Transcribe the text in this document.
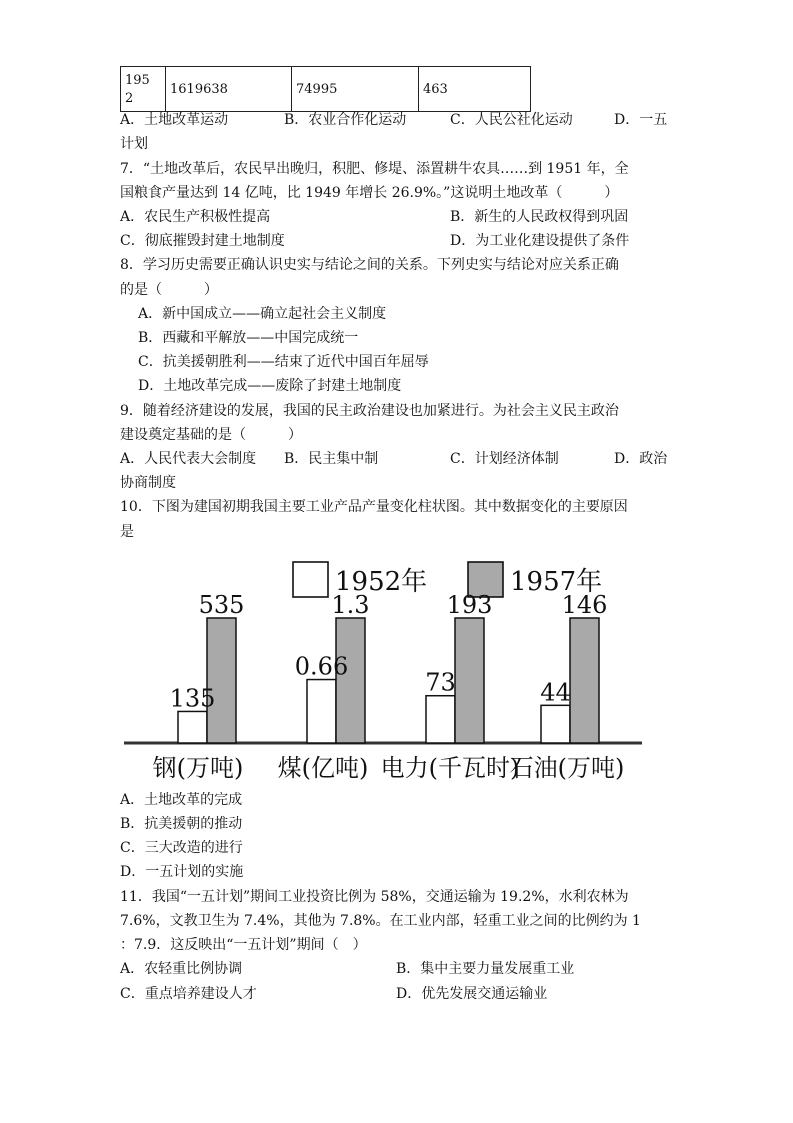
195
2	1619638	74995	463
A．土地改革运动	B．农业合作化运动	C．人民公社化运动	D．一五
计划
7．“土地改革后，农民早出晚归，积肥、修堤、添置耕牛农具……到 1951 年，全
国粮食产量达到 14 亿吨，比 1949 年增长 26.9%。”这说明土地改革（　　　）
A．农民生产积极性提高	B．新生的人民政权得到巩固
C．彻底摧毁封建土地制度	D．为工业化建设提供了条件
8．学习历史需要正确认识史实与结论之间的关系。下列史实与结论对应关系正确
的是（　　　）
A．新中国成立——确立起社会主义制度
B．西藏和平解放——中国完成统一
C．抗美援朝胜利——结束了近代中国百年屈辱
D．土地改革完成——废除了封建土地制度
9．随着经济建设的发展，我国的民主政治建设也加紧进行。为社会主义民主政治
建设奠定基础的是（　　　）
A．人民代表大会制度 B．民主集中制	C．计划经济体制	D．政治
协商制度
10．下图为建国初期我国主要工业产品产量变化柱状图。其中数据变化的主要原因
是
1952年	1957年
135
535
钢(万吨)
0.66
1.3
煤(亿吨)
73
193
电力(千瓦时)
44
146
石油(万吨)
A．土地改革的完成
B．抗美援朝的推动
C．三大改造的进行
D．一五计划的实施
11．我国“一五计划”期间工业投资比例为 58%，交通运输为 19.2%，水利农林为
7.6%，文教卫生为 7.4%，其他为 7.8%。在工业内部，轻重工业之间的比例约为 1
：7.9．这反映出“一五计划”期间（　）
A．农轻重比例协调	B．集中主要力量发展重工业
C．重点培养建设人才	D．优先发展交通运输业
